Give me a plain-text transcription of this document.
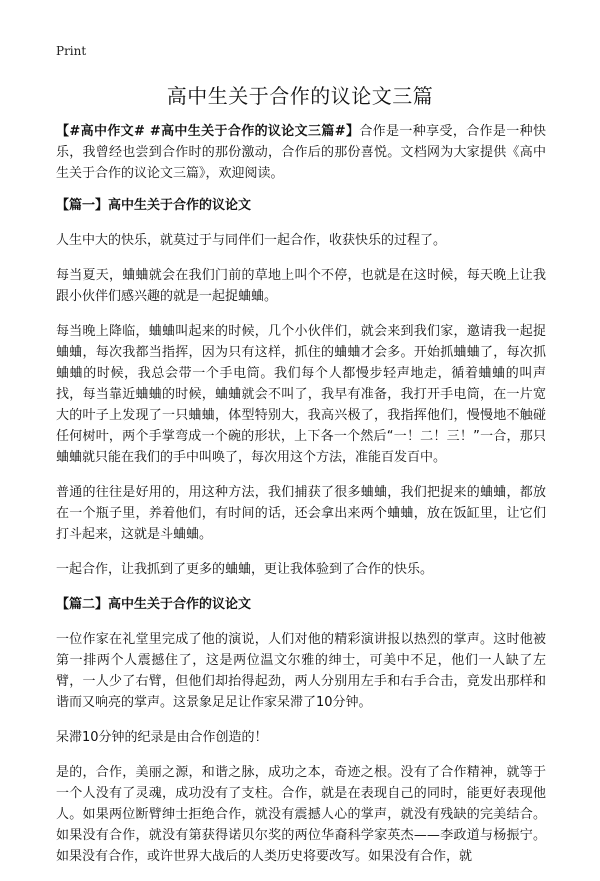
Print
高中生关于合作的议论文三篇

【#高中作文# #高中生关于合作的议论文三篇#】合作是一种享受，合作是一种快乐，我曾经也尝到合作时的那份激动，合作后的那份喜悦。文档网为大家提供《高中生关于合作的议论文三篇》，欢迎阅读。

【篇一】高中生关于合作的议论文

人生中大的快乐，就莫过于与同伴们一起合作，收获快乐的过程了。

每当夏天，蛐蛐就会在我们门前的草地上叫个不停，也就是在这时候，每天晚上让我跟小伙伴们感兴趣的就是一起捉蛐蛐。

每当晚上降临，蛐蛐叫起来的时候，几个小伙伴们，就会来到我们家，邀请我一起捉蛐蛐，每次我都当指挥，因为只有这样，抓住的蛐蛐才会多。开始抓蛐蛐了，每次抓蛐蛐的时候，我总会带一个手电筒。我们每个人都慢步轻声地走，循着蛐蛐的叫声找，每当靠近蛐蛐的时候，蛐蛐就会不叫了，我早有准备，我打开手电筒，在一片宽大的叶子上发现了一只蛐蛐，体型特别大，我高兴极了，我指挥他们，慢慢地不触碰任何树叶，两个手掌弯成一个碗的形状，上下各一个然后“一！二！三！”一合，那只蛐蛐就只能在我们的手中叫唤了，每次用这个方法，准能百发百中。

普通的往往是好用的，用这种方法，我们捕获了很多蛐蛐，我们把捉来的蛐蛐，都放在一个瓶子里，养着他们，有时间的话，还会拿出来两个蛐蛐，放在饭缸里，让它们打斗起来，这就是斗蛐蛐。

一起合作，让我抓到了更多的蛐蛐，更让我体验到了合作的快乐。

【篇二】高中生关于合作的议论文

一位作家在礼堂里完成了他的演说，人们对他的精彩演讲报以热烈的掌声。这时他被第一排两个人震撼住了，这是两位温文尔雅的绅士，可美中不足，他们一人缺了左臂，一人少了右臂，但他们却抬得起劲，两人分别用左手和右手合击，竟发出那样和谐而又响亮的掌声。这景象足足让作家呆滞了10分钟。

呆滞10分钟的纪录是由合作创造的！

是的，合作，美丽之源，和谐之脉，成功之本，奇迹之根。没有了合作精神，就等于一个人没有了灵魂，成功没有了支柱。合作，就是在表现自己的同时，能更好表现他人。如果两位断臂绅士拒绝合作，就没有震撼人心的掌声，就没有残缺的完美结合。如果没有合作，就没有第获得诺贝尔奖的两位华裔科学家英杰——李政道与杨振宁。如果没有合作，或许世界大战后的人类历史将要改写。如果没有合作，就
